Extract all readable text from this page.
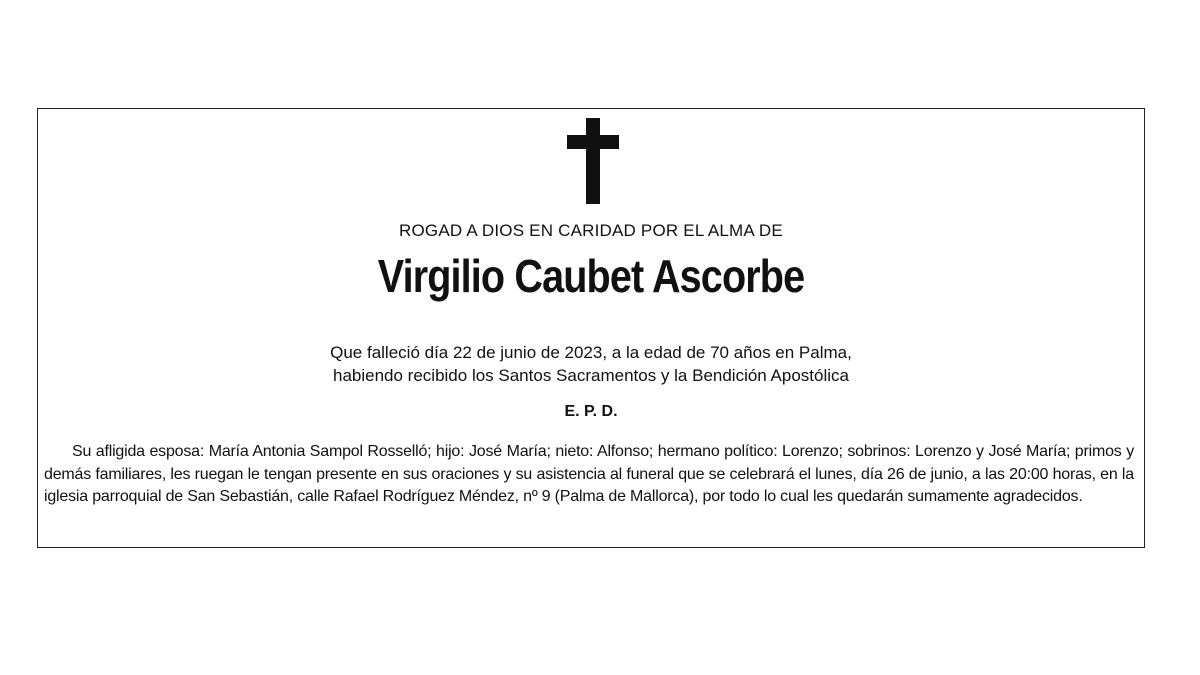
ROGAD A DIOS EN CARIDAD POR EL ALMA DE
Virgilio Caubet Ascorbe
Que falleció día 22 de junio de 2023, a la edad de 70 años en Palma,
habiendo recibido los Santos Sacramentos y la Bendición Apostólica
E. P. D.
Su afligida esposa: María Antonia Sampol Rosselló; hijo: José María; nieto: Alfonso; hermano político: Lorenzo; sobrinos: Lorenzo y José María; primos y demás familiares, les ruegan le tengan presente en sus oraciones y su asistencia al funeral que se celebrará el lunes, día 26 de junio, a las 20:00 horas, en la iglesia parroquial de San Sebastián, calle Rafael Rodríguez Méndez, nº 9 (Palma de Mallorca), por todo lo cual les quedarán sumamente agradecidos.
